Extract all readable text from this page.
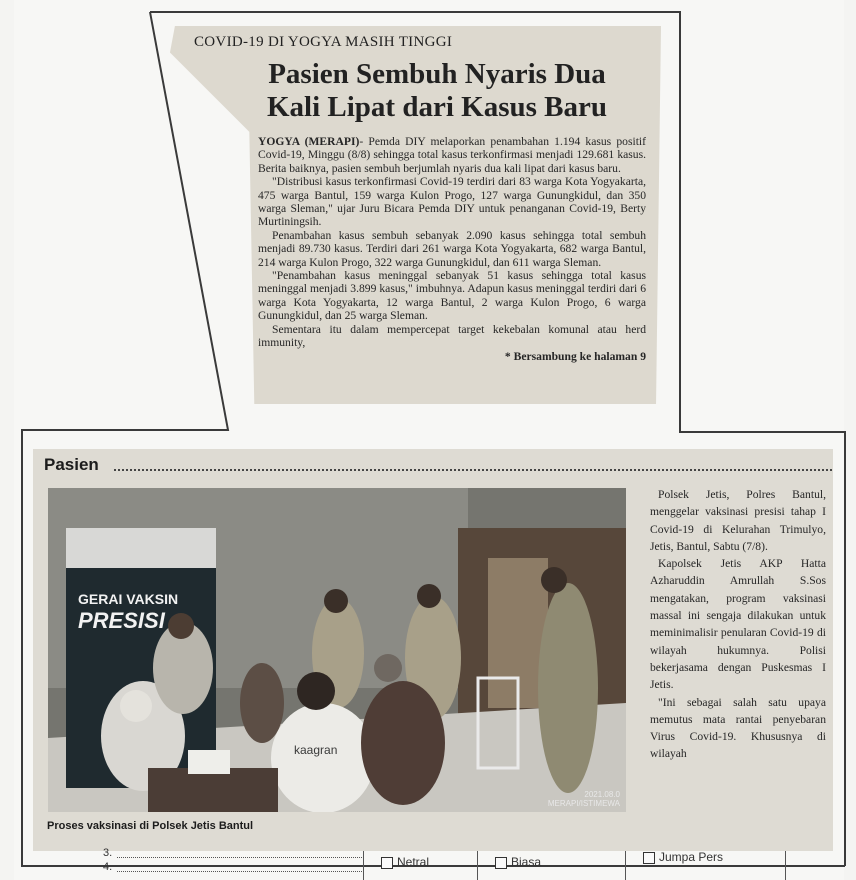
COVID-19 DI YOGYA MASIH TINGGI
Pasien Sembuh Nyaris Dua
Kali Lipat dari Kasus Baru

YOGYA (MERAPI)- Pemda DIY melaporkan penambahan 1.194 kasus positif Covid-19, Minggu (8/8) sehingga total kasus terkonfirmasi menjadi 129.681 kasus. Berita baiknya, pasien sembuh berjumlah nyaris dua kali lipat dari kasus baru.

"Distribusi kasus terkonfirmasi Covid-19 terdiri dari 83 warga Kota Yogyakarta, 475 warga Bantul, 159 warga Kulon Progo, 127 warga Gunungkidul, dan 350 warga Sleman," ujar Juru Bicara Pemda DIY untuk penanganan Covid-19, Berty Murtiningsih.

Penambahan kasus sembuh sebanyak 2.090 kasus sehingga total sembuh menjadi 89.730 kasus. Terdiri dari 261 warga Kota Yogyakarta, 682 warga Bantul, 214 warga Kulon Progo, 322 warga Gunungkidul, dan 611 warga Sleman.

"Penambahan kasus meninggal sebanyak 51 kasus sehingga total kasus meninggal menjadi 3.899 kasus," imbuhnya. Adapun kasus meninggal terdiri dari 6 warga Kota Yogyakarta, 12 warga Bantul, 2 warga Kulon Progo, 6 warga Gunungkidul, dan 25 warga Sleman.

Sementara itu dalam mempercepat target kekebalan komunal atau herd immunity,

* Bersambung ke halaman 9
Pasien
GERAI VAKSIN
PRESISI
kaagran
2021.08.0
MERAPI/ISTIMEWA
Proses vaksinasi di Polsek Jetis Bantul

Polsek Jetis, Polres Bantul, menggelar vaksinasi presisi tahap I Covid-19 di Kelurahan Trimulyo, Jetis, Bantul, Sabtu (7/8).

Kapolsek Jetis AKP Hatta Azharuddin Amrullah S.Sos mengatakan, program vaksinasi massal ini sengaja dilakukan untuk meminimalisir penularan Covid-19 di wilayah hukumnya. Polisi bekerjasama dengan Puskesmas I Jetis.

"Ini sebagai salah satu upaya memutus mata rantai penyebaran Virus Covid-19. Khususnya di wilayah

3.
4.	Netral	Biasa	Jumpa Pers
